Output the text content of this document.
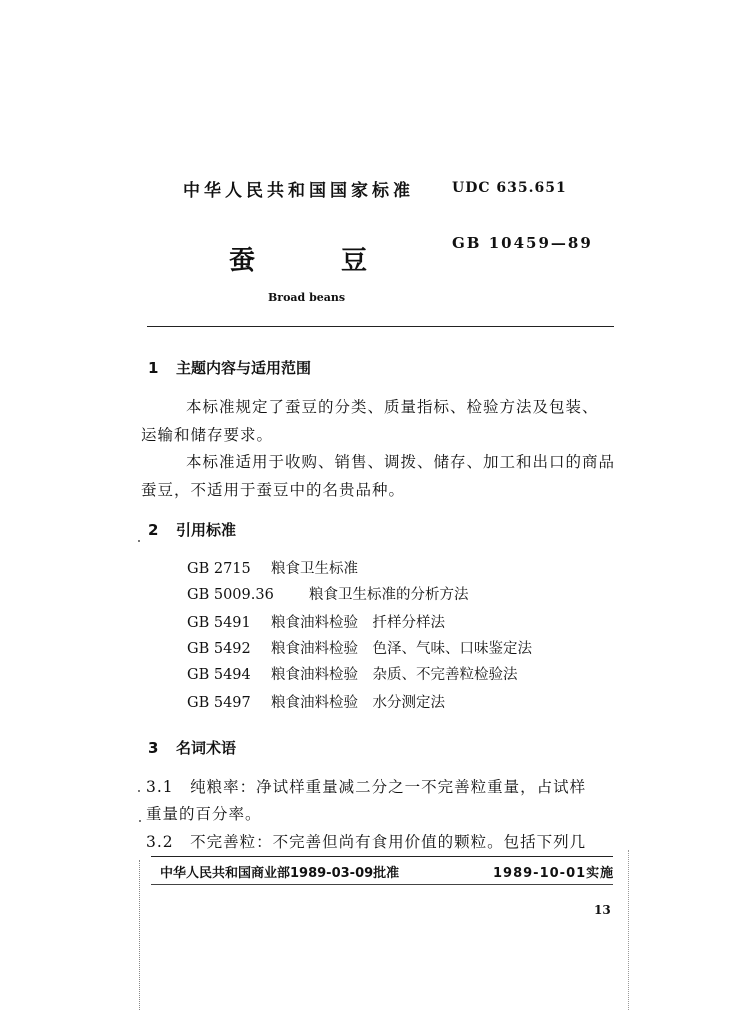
中华人民共和国国家标准	UDC 635.651
GB 10459—89
蚕	豆
Broad beans
1 主题内容与适用范围
本标准规定了蚕豆的分类、质量指标、检验方法及包装、
运输和储存要求。
本标准适用于收购、销售、调拨、储存、加工和出口的商品
蚕豆，不适用于蚕豆中的名贵品种。
2 引用标准
GB 2715 粮食卫生标准
GB 5009.36 粮食卫生标准的分析方法
GB 5491 粮食油料检验　扦样分样法
GB 5492 粮食油料检验　色泽、气味、口味鉴定法
GB 5494 粮食油料检验　杂质、不完善粒检验法
GB 5497 粮食油料检验　水分测定法
3 名词术语
3.1　纯粮率：净试样重量减二分之一不完善粒重量，占试样
重量的百分率。
3.2　不完善粒：不完善但尚有食用价值的颗粒。包括下列几
中华人民共和国商业部1989-03-09批准	1989-10-01实施
13
